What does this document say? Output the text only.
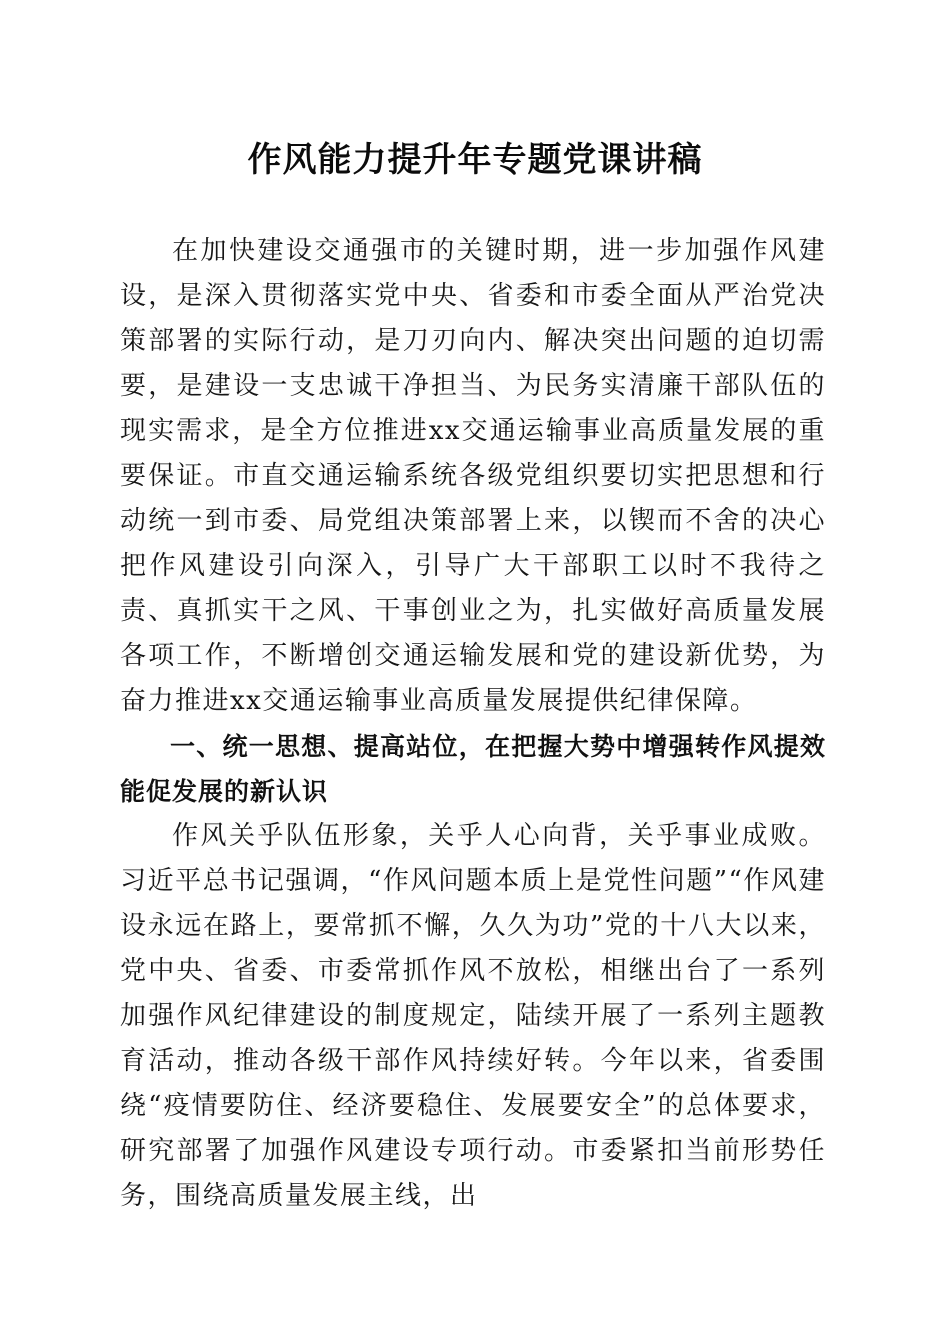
作风能力提升年专题党课讲稿

在加快建设交通强市的关键时期，进一步加强作风建设，是深入贯彻落实党中央、省委和市委全面从严治党决策部署的实际行动，是刀刃向内、解决突出问题的迫切需要，是建设一支忠诚干净担当、为民务实清廉干部队伍的现实需求，是全方位推进xx交通运输事业高质量发展的重要保证。市直交通运输系统各级党组织要切实把思想和行动统一到市委、局党组决策部署上来，以锲而不舍的决心把作风建设引向深入，引导广大干部职工以时不我待之责、真抓实干之风、干事创业之为，扎实做好高质量发展各项工作，不断增创交通运输发展和党的建设新优势，为奋力推进xx交通运输事业高质量发展提供纪律保障。

一、统一思想、提高站位，在把握大势中增强转作风提效能促发展的新认识

作风关乎队伍形象，关乎人心向背，关乎事业成败。习近平总书记强调，“作风问题本质上是党性问题”“作风建设永远在路上，要常抓不懈，久久为功”党的十八大以来，党中央、省委、市委常抓作风不放松，相继出台了一系列加强作风纪律建设的制度规定，陆续开展了一系列主题教育活动，推动各级干部作风持续好转。今年以来，省委围绕“疫情要防住、经济要稳住、发展要安全”的总体要求，研究部署了加强作风建设专项行动。市委紧扣当前形势任务，围绕高质量发展主线，出
